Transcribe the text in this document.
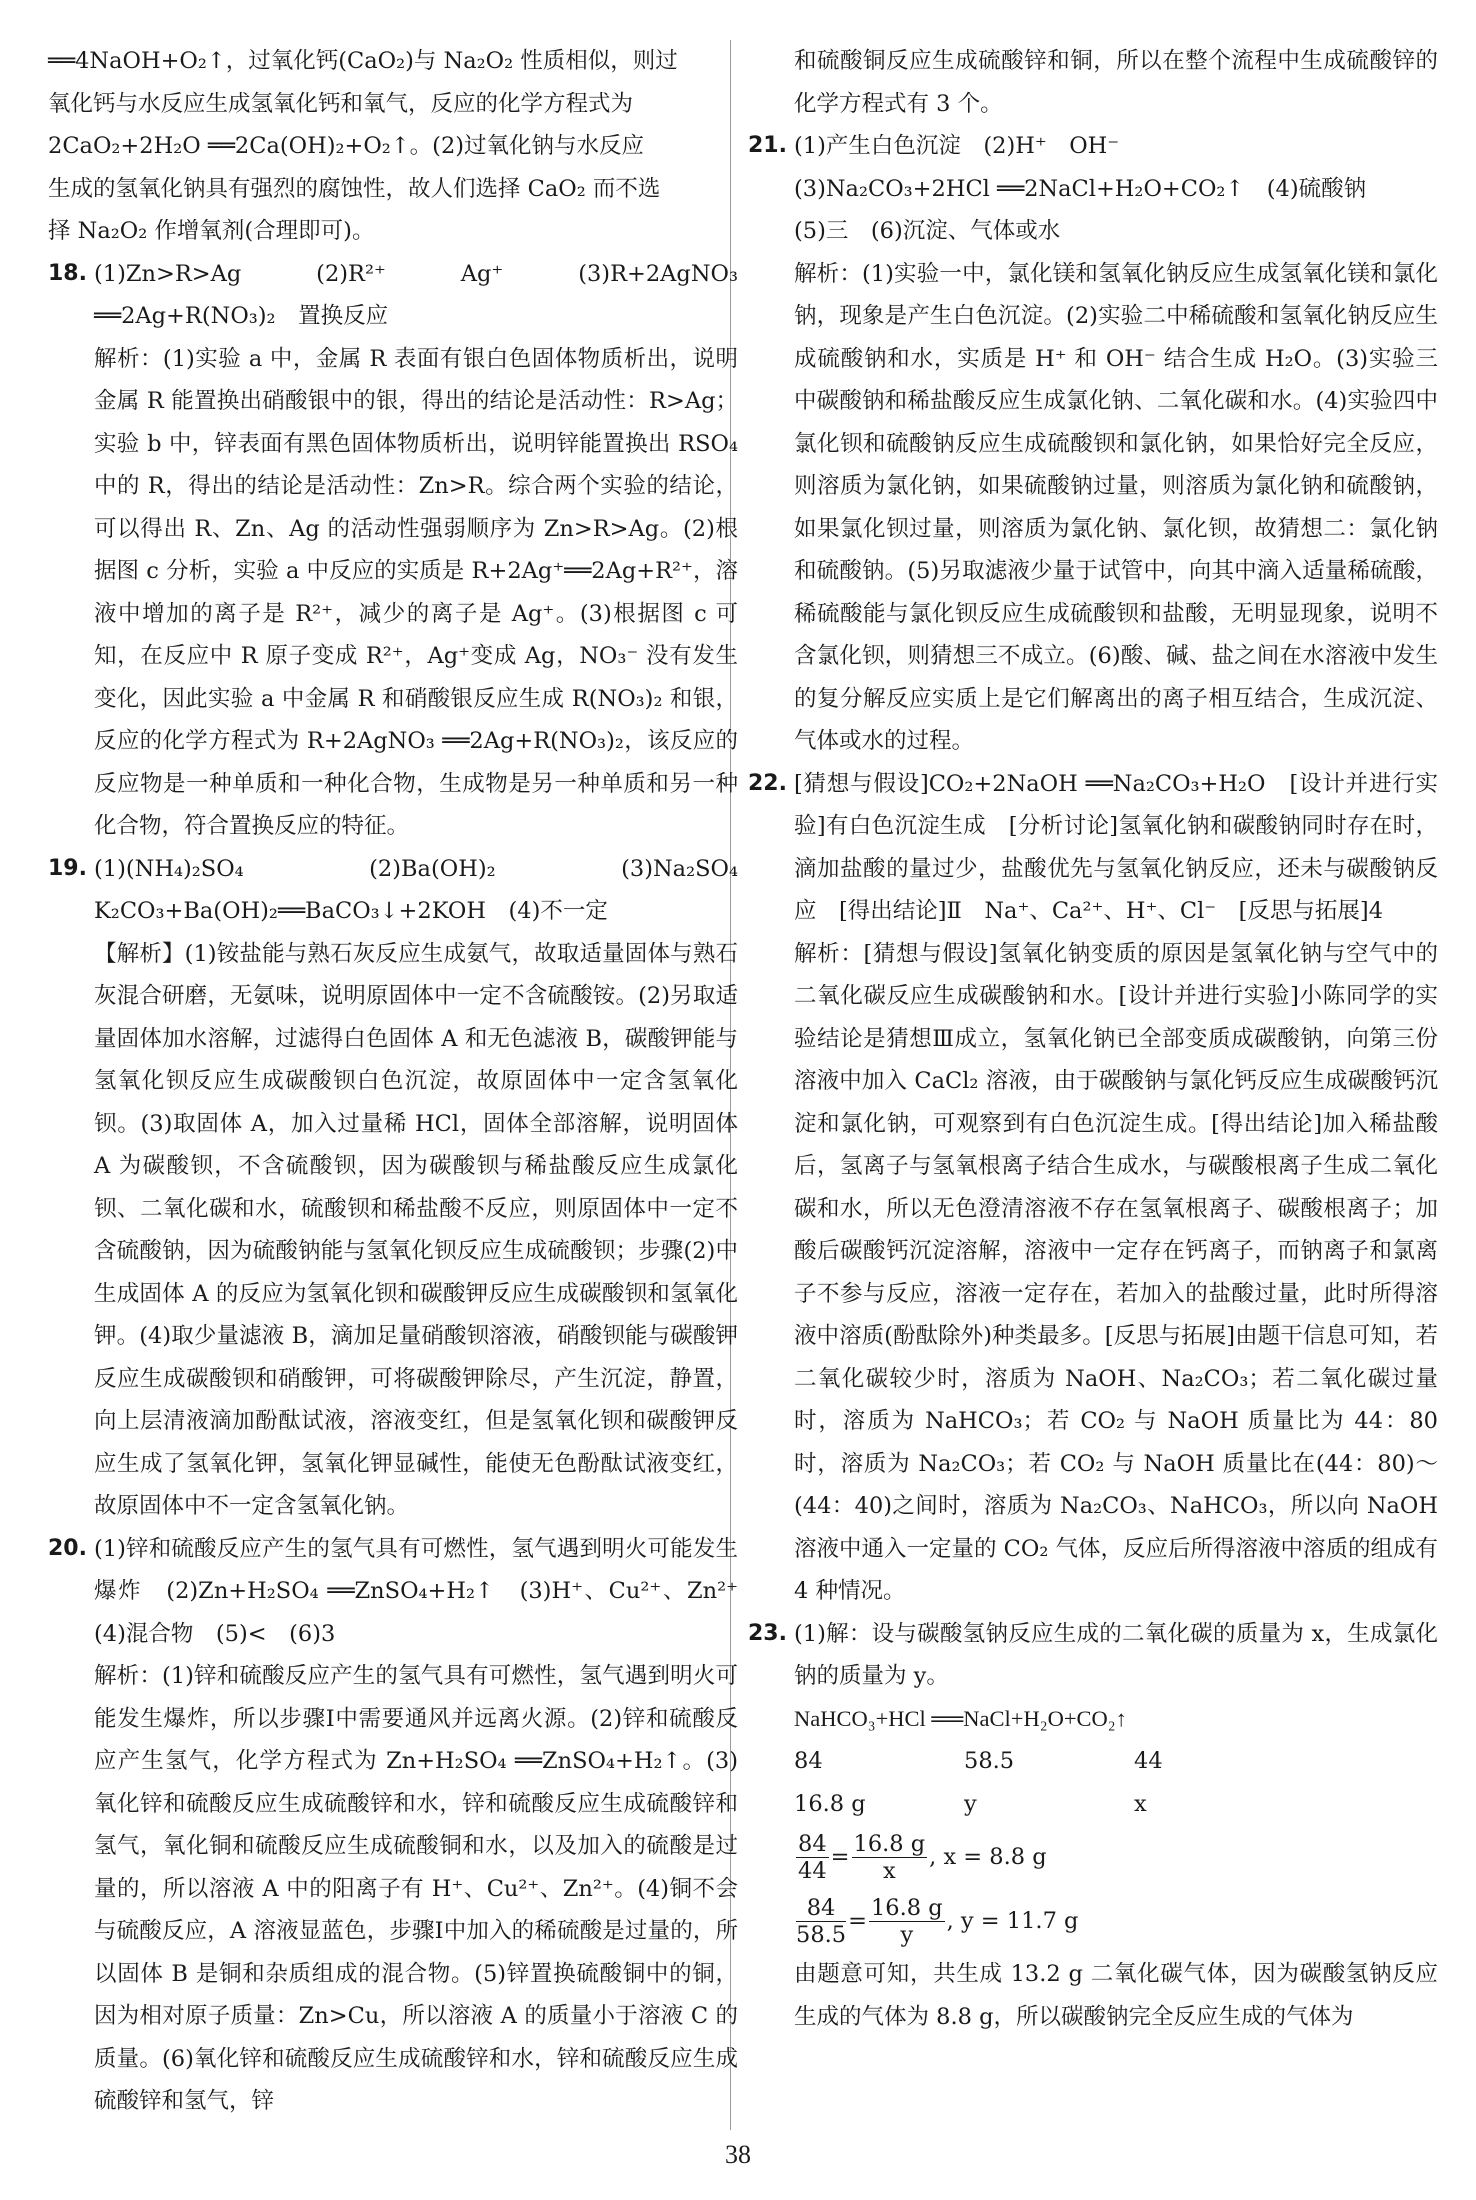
══4NaOH+O₂↑，过氧化钙(CaO₂)与 Na₂O₂ 性质相似，则过

氧化钙与水反应生成氢氧化钙和氧气，反应的化学方程式为

2CaO₂+2H₂O ══2Ca(OH)₂+O₂↑。(2)过氧化钠与水反应

生成的氢氧化钠具有强烈的腐蚀性，故人们选择 CaO₂ 而不选

择 Na₂O₂ 作增氧剂(合理即可)。

18. (1)Zn>R>Ag　(2)R²⁺　Ag⁺　(3)R+2AgNO₃ ══2Ag+R(NO₃)₂　置换反应

解析：(1)实验 a 中，金属 R 表面有银白色固体物质析出，说明金属 R 能置换出硝酸银中的银，得出的结论是活动性：R>Ag；实验 b 中，锌表面有黑色固体物质析出，说明锌能置换出 RSO₄ 中的 R，得出的结论是活动性：Zn>R。综合两个实验的结论，可以得出 R、Zn、Ag 的活动性强弱顺序为 Zn>R>Ag。(2)根据图 c 分析，实验 a 中反应的实质是 R+2Ag⁺══2Ag+R²⁺，溶液中增加的离子是 R²⁺，减少的离子是 Ag⁺。(3)根据图 c 可知，在反应中 R 原子变成 R²⁺，Ag⁺变成 Ag，NO₃⁻ 没有发生变化，因此实验 a 中金属 R 和硝酸银反应生成 R(NO₃)₂ 和银，反应的化学方程式为 R+2AgNO₃ ══2Ag+R(NO₃)₂，该反应的反应物是一种单质和一种化合物，生成物是另一种单质和另一种化合物，符合置换反应的特征。

19. (1)(NH₄)₂SO₄　(2)Ba(OH)₂　(3)Na₂SO₄　K₂CO₃+Ba(OH)₂══BaCO₃↓+2KOH　(4)不一定

【解析】(1)铵盐能与熟石灰反应生成氨气，故取适量固体与熟石灰混合研磨，无氨味，说明原固体中一定不含硫酸铵。(2)另取适量固体加水溶解，过滤得白色固体 A 和无色滤液 B，碳酸钾能与氢氧化钡反应生成碳酸钡白色沉淀，故原固体中一定含氢氧化钡。(3)取固体 A，加入过量稀 HCl，固体全部溶解，说明固体 A 为碳酸钡，不含硫酸钡，因为碳酸钡与稀盐酸反应生成氯化钡、二氧化碳和水，硫酸钡和稀盐酸不反应，则原固体中一定不含硫酸钠，因为硫酸钠能与氢氧化钡反应生成硫酸钡；步骤(2)中生成固体 A 的反应为氢氧化钡和碳酸钾反应生成碳酸钡和氢氧化钾。(4)取少量滤液 B，滴加足量硝酸钡溶液，硝酸钡能与碳酸钾反应生成碳酸钡和硝酸钾，可将碳酸钾除尽，产生沉淀，静置，向上层清液滴加酚酞试液，溶液变红，但是氢氧化钡和碳酸钾反应生成了氢氧化钾，氢氧化钾显碱性，能使无色酚酞试液变红，故原固体中不一定含氢氧化钠。

20. (1)锌和硫酸反应产生的氢气具有可燃性，氢气遇到明火可能发生爆炸　(2)Zn+H₂SO₄ ══ZnSO₄+H₂↑　(3)H⁺、Cu²⁺、Zn²⁺　(4)混合物　(5)<　(6)3

解析：(1)锌和硫酸反应产生的氢气具有可燃性，氢气遇到明火可能发生爆炸，所以步骤Ⅰ中需要通风并远离火源。(2)锌和硫酸反应产生氢气，化学方程式为 Zn+H₂SO₄ ══ZnSO₄+H₂↑。(3)氧化锌和硫酸反应生成硫酸锌和水，锌和硫酸反应生成硫酸锌和氢气，氧化铜和硫酸反应生成硫酸铜和水，以及加入的硫酸是过量的，所以溶液 A 中的阳离子有 H⁺、Cu²⁺、Zn²⁺。(4)铜不会与硫酸反应，A 溶液显蓝色，步骤Ⅰ中加入的稀硫酸是过量的，所以固体 B 是铜和杂质组成的混合物。(5)锌置换硫酸铜中的铜，因为相对原子质量：Zn>Cu，所以溶液 A 的质量小于溶液 C 的质量。(6)氧化锌和硫酸反应生成硫酸锌和水，锌和硫酸反应生成硫酸锌和氢气，锌

和硫酸铜反应生成硫酸锌和铜，所以在整个流程中生成硫酸锌的化学方程式有 3 个。

21. (1)产生白色沉淀　(2)H⁺　OH⁻

(3)Na₂CO₃+2HCl ══2NaCl+H₂O+CO₂↑　(4)硫酸钠

(5)三　(6)沉淀、气体或水

解析：(1)实验一中，氯化镁和氢氧化钠反应生成氢氧化镁和氯化钠，现象是产生白色沉淀。(2)实验二中稀硫酸和氢氧化钠反应生成硫酸钠和水，实质是 H⁺ 和 OH⁻ 结合生成 H₂O。(3)实验三中碳酸钠和稀盐酸反应生成氯化钠、二氧化碳和水。(4)实验四中氯化钡和硫酸钠反应生成硫酸钡和氯化钠，如果恰好完全反应，则溶质为氯化钠，如果硫酸钠过量，则溶质为氯化钠和硫酸钠，如果氯化钡过量，则溶质为氯化钠、氯化钡，故猜想二：氯化钠和硫酸钠。(5)另取滤液少量于试管中，向其中滴入适量稀硫酸，稀硫酸能与氯化钡反应生成硫酸钡和盐酸，无明显现象，说明不含氯化钡，则猜想三不成立。(6)酸、碱、盐之间在水溶液中发生的复分解反应实质上是它们解离出的离子相互结合，生成沉淀、气体或水的过程。

22. [猜想与假设]CO₂+2NaOH ══Na₂CO₃+H₂O　[设计并进行实验]有白色沉淀生成　[分析讨论]氢氧化钠和碳酸钠同时存在时，滴加盐酸的量过少，盐酸优先与氢氧化钠反应，还未与碳酸钠反应　[得出结论]Ⅱ　Na⁺、Ca²⁺、H⁺、Cl⁻　[反思与拓展]4

解析：[猜想与假设]氢氧化钠变质的原因是氢氧化钠与空气中的二氧化碳反应生成碳酸钠和水。[设计并进行实验]小陈同学的实验结论是猜想Ⅲ成立，氢氧化钠已全部变质成碳酸钠，向第三份溶液中加入 CaCl₂ 溶液，由于碳酸钠与氯化钙反应生成碳酸钙沉淀和氯化钠，可观察到有白色沉淀生成。[得出结论]加入稀盐酸后，氢离子与氢氧根离子结合生成水，与碳酸根离子生成二氧化碳和水，所以无色澄清溶液不存在氢氧根离子、碳酸根离子；加酸后碳酸钙沉淀溶解，溶液中一定存在钙离子，而钠离子和氯离子不参与反应，溶液一定存在，若加入的盐酸过量，此时所得溶液中溶质(酚酞除外)种类最多。[反思与拓展]由题干信息可知，若二氧化碳较少时，溶质为 NaOH、Na₂CO₃；若二氧化碳过量时，溶质为 NaHCO₃；若 CO₂ 与 NaOH 质量比为 44：80 时，溶质为 Na₂CO₃；若 CO₂ 与 NaOH 质量比在(44：80)～(44：40)之间时，溶质为 Na₂CO₃、NaHCO₃，所以向 NaOH 溶液中通入一定量的 CO₂ 气体，反应后所得溶液中溶质的组成有 4 种情况。

23. (1)解：设与碳酸氢钠反应生成的二氧化碳的质量为 x，生成氯化钠的质量为 y。

NaHCO₃+HCl ══NaCl+H₂O+CO₂↑

84	58.5	44
16.8 g	y	x
$\frac{84}{44} = \frac{16.8 g}{x}$ , x = 8.8 g
$\frac{84}{58.5} = \frac{16.8 g}{y}$ , y = 11.7 g

由题意可知，共生成 13.2 g 二氧化碳气体，因为碳酸氢钠反应生成的气体为 8.8 g，所以碳酸钠完全反应生成的气体为

38
